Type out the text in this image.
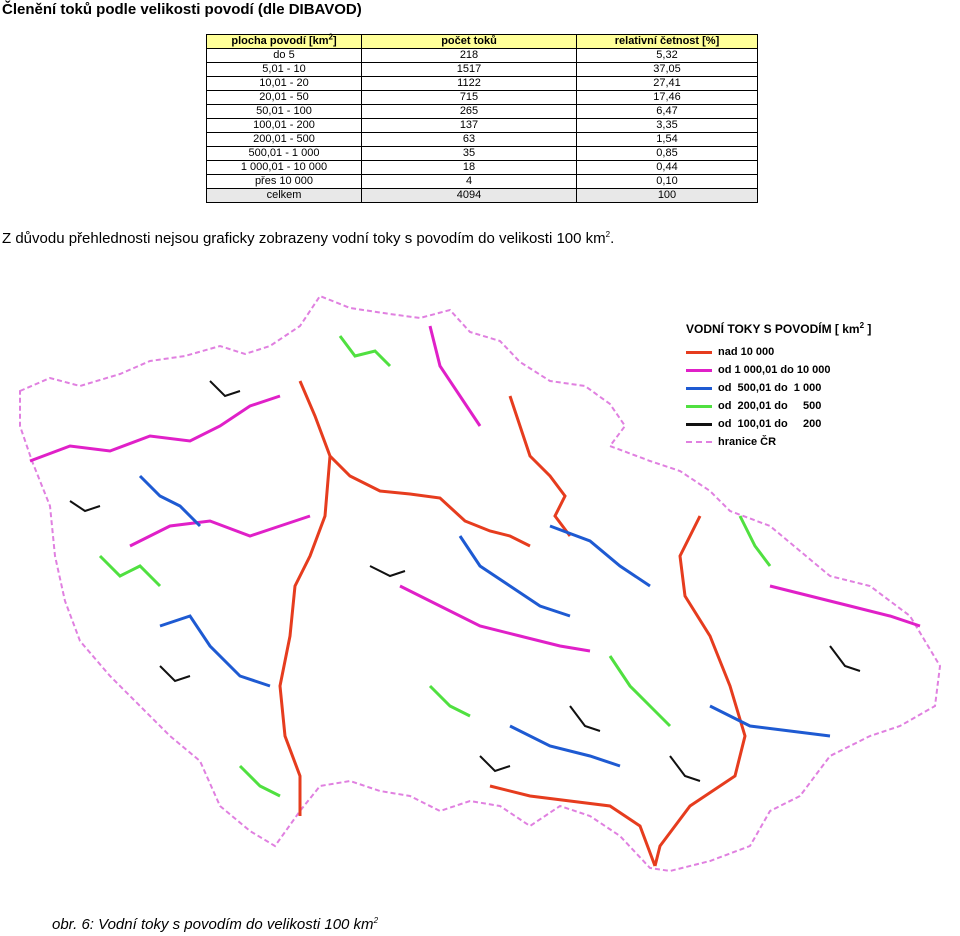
Členění toků podle velikosti povodí (dle DIBAVOD)
plocha povodí $[km^2]$	počet toků	relativní četnost [%]
do 5	218	5,32
5,01 - 10	1517	37,05
10,01 - 20	1122	27,41
20,01 - 50	715	17,46
50,01 - 100	265	6,47
100,01 - 200	137	3,35
200,01 - 500	63	1,54
500,01 - 1 000	35	0,85
1 000,01 - 10 000	18	0,44
přes 10 000	4	0,10
celkem	4094	100

Z důvodu přehlednosti nejsou graficky zobrazeny vodní toky s povodím do velikosti 100 $km^2$.

VODNÍ TOKY S POVODÍM [ $km^2$ ]
nad 10 000
od 1 000,01 do 10 000
od  500,01 do  1 000
od  200,01 do     500
od  100,01 do     200
hranice ČR

obr. 6: Vodní toky s povodím do velikosti 100 $km^2$
